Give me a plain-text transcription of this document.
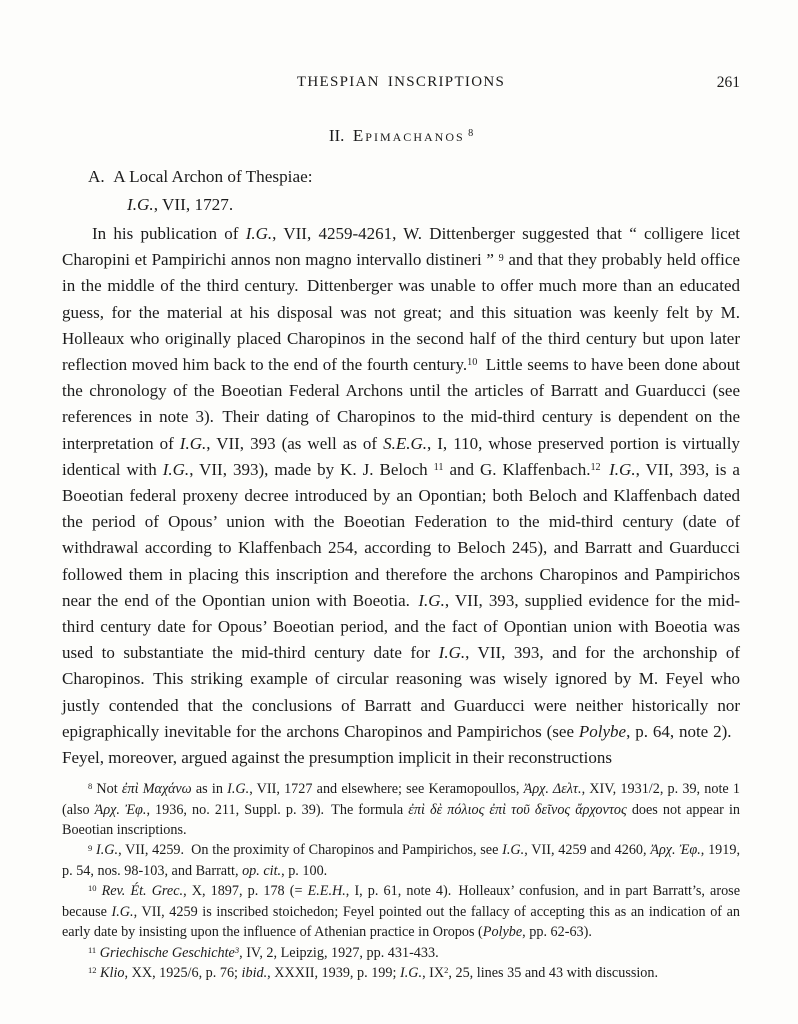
THESPIAN INSCRIPTIONS	261
II. Epimachanos  $^8$
A. A Local Archon of Thespiae:
I.G., VII, 1727.

In his publication of I.G., VII, 4259-4261, W. Dittenberger suggested that “ colligere licet Charopini et Pampirichi annos non magno intervallo distineri ” $^9$ and that they probably held office in the middle of the third century. Dittenberger was unable to offer much more than an educated guess, for the material at his disposal was not great; and this situation was keenly felt by M. Holleaux who originally placed Charopinos in the second half of the third century but upon later reflection moved him back to the end of the fourth century.$^{10}$ Little seems to have been done about the chronology of the Boeotian Federal Archons until the articles of Barratt and Guarducci (see references in note 3). Their dating of Charopinos to the mid-third century is dependent on the interpretation of I.G., VII, 393 (as well as of S.E.G., I, 110, whose preserved portion is virtually identical with I.G., VII, 393), made by K. J. Beloch $^{11}$ and G. Klaffenbach.$^{12}$  I.G., VII, 393, is a Boeotian federal proxeny decree introduced by an Opontian; both Beloch and Klaffenbach dated the period of Opous’ union with the Boeotian Federation to the mid-third century (date of withdrawal according to Klaffenbach 254, according to Beloch 245), and Barratt and Guarducci followed them in placing this inscription and therefore the archons Charopinos and Pampirichos near the end of the Opontian union with Boeotia. I.G., VII, 393, supplied evidence for the mid-third century date for Opous’ Boeotian period, and the fact of Opontian union with Boeotia was used to substantiate the mid-third century date for I.G., VII, 393, and for the archonship of Charopinos. This striking example of circular reasoning was wisely ignored by M. Feyel who justly contended that the conclusions of Barratt and Guarducci were neither historically nor epigraphically inevitable for the archons Charopinos and Pampirichos (see Polybe, p. 64, note 2). Feyel, moreover, argued against the presumption implicit in their reconstructions

$^8$ Not ἐπὶ Μαχάνω as in I.G., VII, 1727 and elsewhere; see Keramopoullos, Ἀρχ. Δελτ., XIV, 1931/2, p. 39, note 1 (also Ἀρχ. Ἐφ., 1936, no. 211, Suppl. p. 39). The formula ἐπὶ δὲ πόλιος ἐπὶ τοῦ δεῖνος ἄρχοντος does not appear in Boeotian inscriptions.

$^9$ I.G., VII, 4259. On the proximity of Charopinos and Pampirichos, see I.G., VII, 4259 and 4260, Ἀρχ. Ἐφ., 1919, p. 54, nos. 98-103, and Barratt, op. cit., p. 100.

$^{10}$ Rev. Ét. Grec., X, 1897, p. 178 (= E.E.H., I, p. 61, note 4). Holleaux’ confusion, and in part Barratt’s, arose because I.G., VII, 4259 is inscribed stoichedon; Feyel pointed out the fallacy of accepting this as an indication of an early date by insisting upon the influence of Athenian practice in Oropos (Polybe, pp. 62-63).

$^{11}$ Griechische Geschichte$^3$, IV, 2, Leipzig, 1927, pp. 431-433.

$^{12}$ Klio, XX, 1925/6, p. 76; ibid., XXXII, 1939, p. 199; I.G., $IX^2$, 25, lines 35 and 43 with discussion.
